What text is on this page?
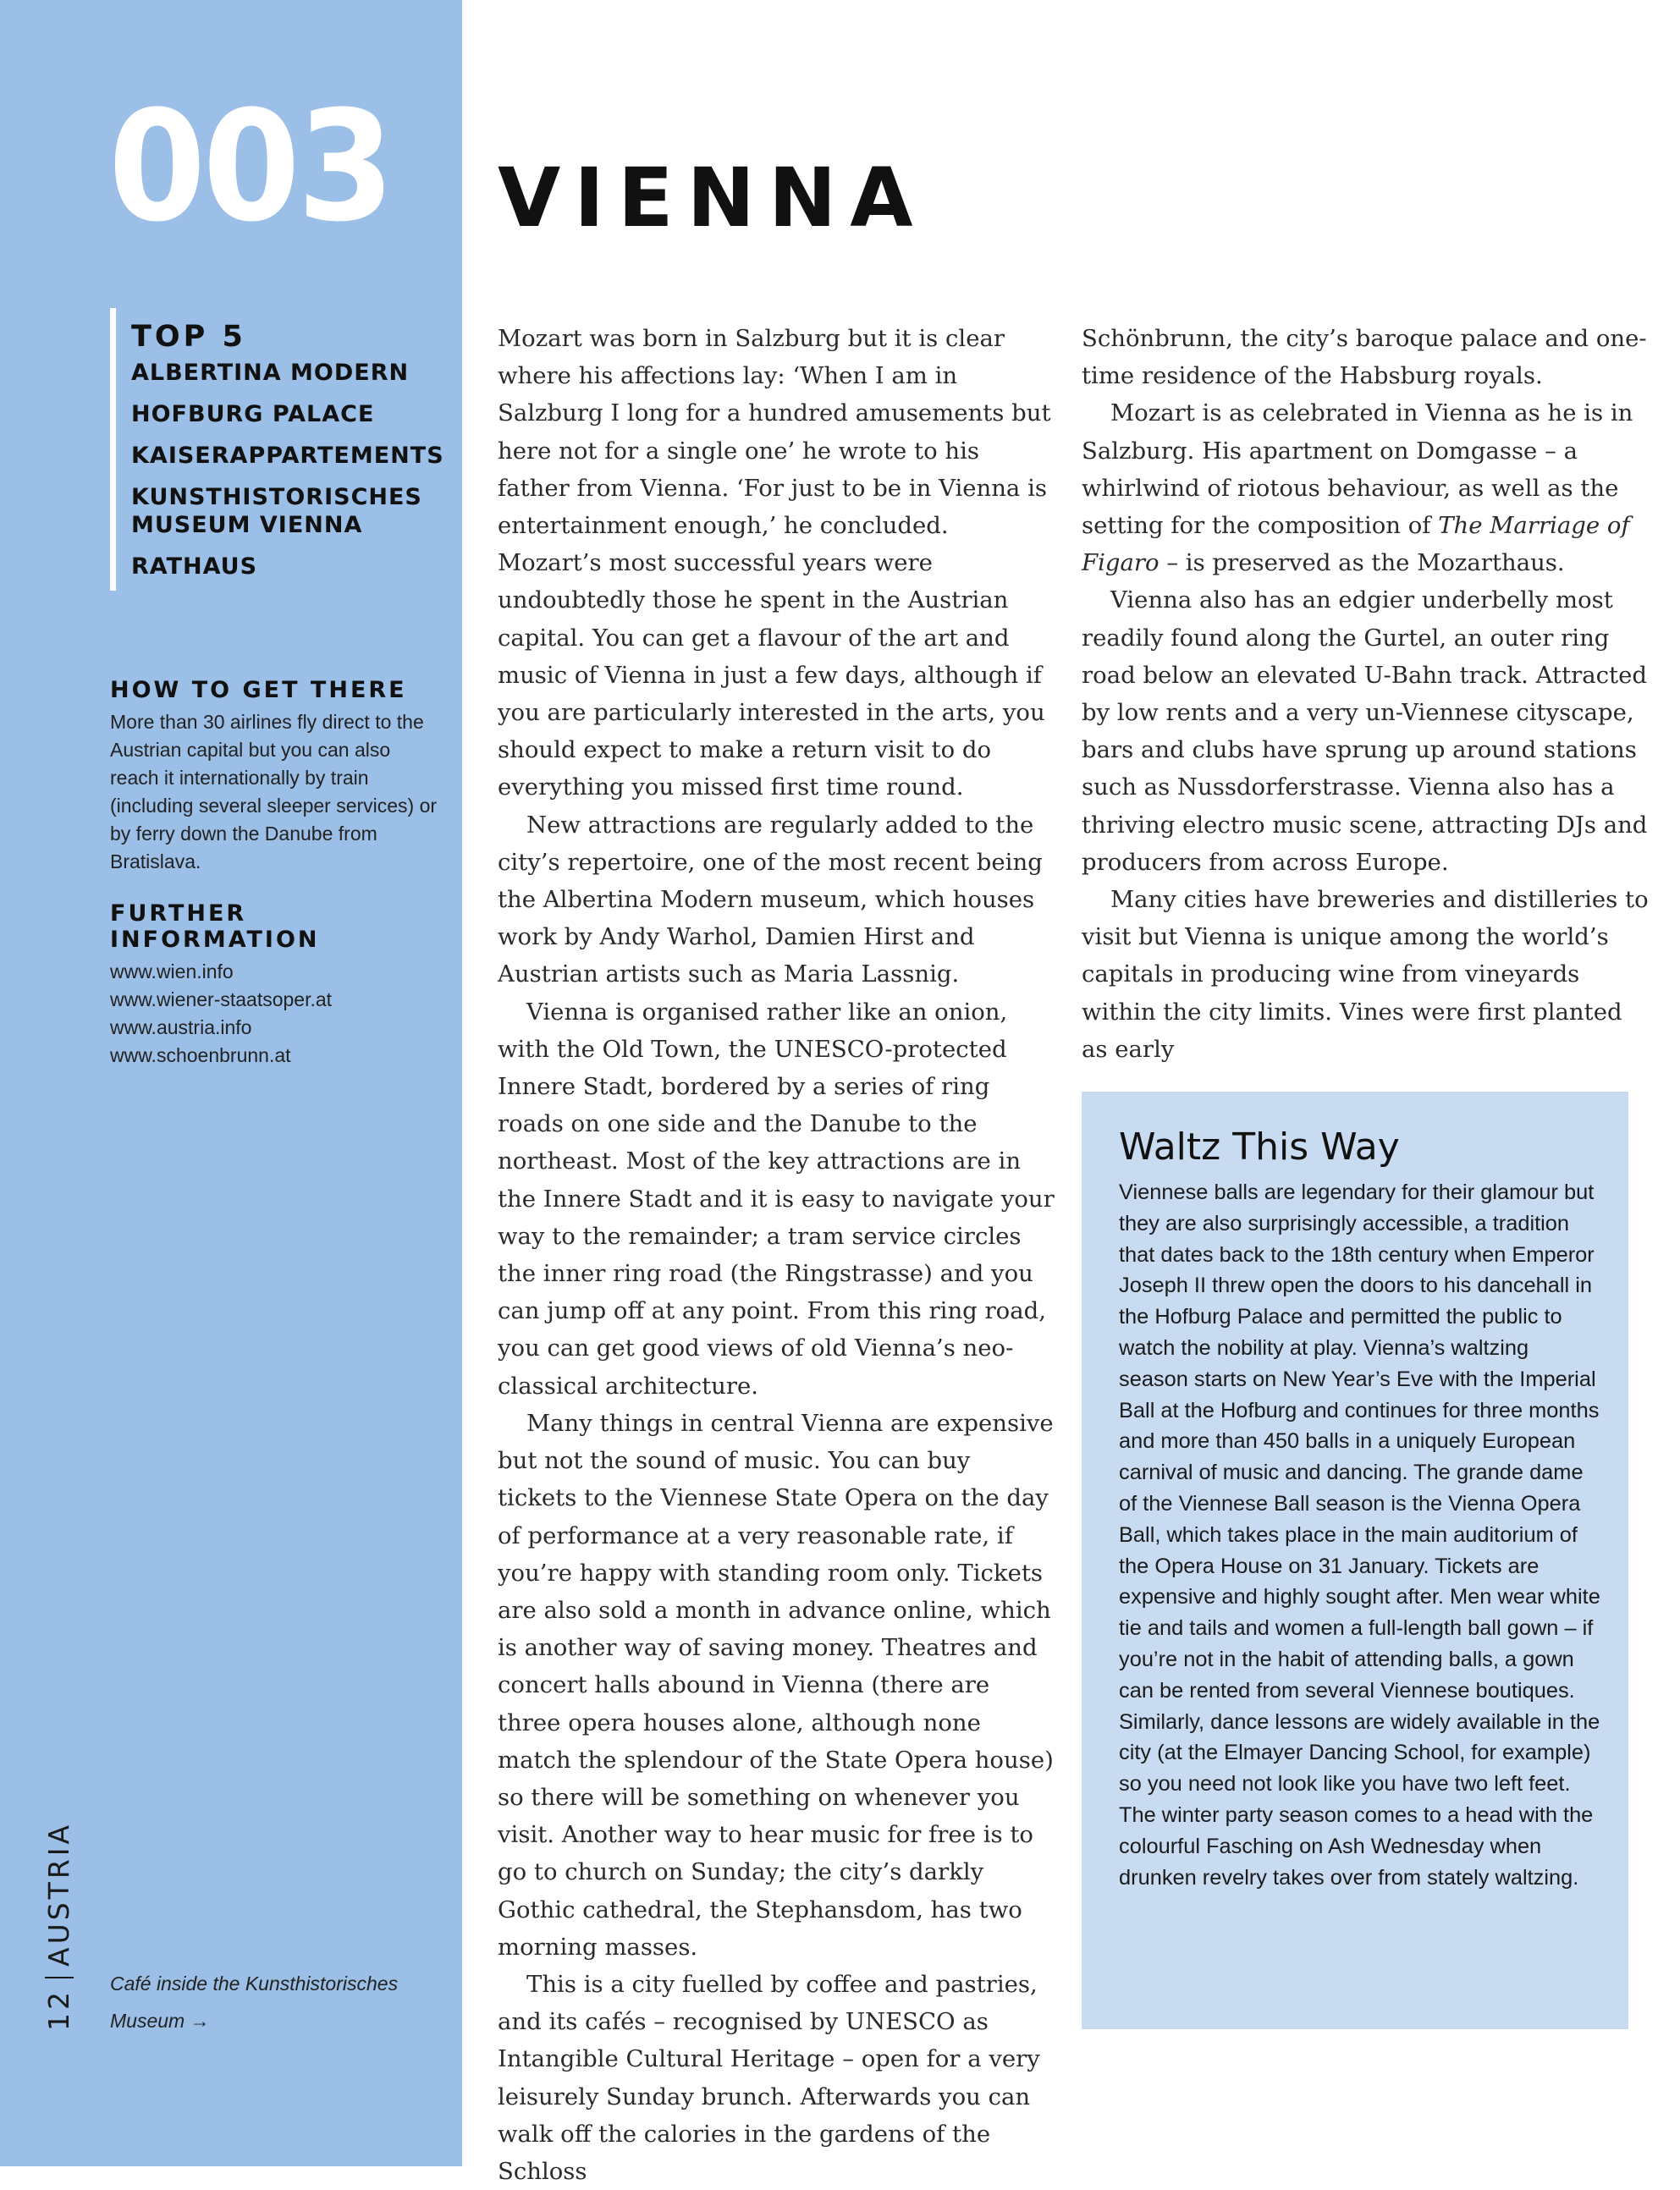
003
TOP 5
ALBERTINA MODERN
HOFBURG PALACE
KAISERAPPARTEMENTS
KUNSTHISTORISCHES MUSEUM VIENNA
RATHAUS
HOW TO GET THERE

More than 30 airlines fly direct to the Austrian capital but you can also reach it internationally by train (including several sleeper services) or by ferry down the Danube from Bratislava.

FURTHER INFORMATION
www.wien.info
www.wiener-staatsoper.at
www.austria.info
www.schoenbrunn.at
12
AUSTRIA
Café inside the Kunsthistorisches Museum →
VIENNA

Mozart was born in Salzburg but it is clear where his affections lay: ‘When I am in Salzburg I long for a hundred amusements but here not for a single one’ he wrote to his father from Vienna. ‘For just to be in Vienna is entertainment enough,’ he concluded. Mozart’s most successful years were undoubtedly those he spent in the Austrian capital. You can get a flavour of the art and music of Vienna in just a few days, although if you are particularly interested in the arts, you should expect to make a return visit to do everything you missed first time round.

New attractions are regularly added to the city’s repertoire, one of the most recent being the Albertina Modern museum, which houses work by Andy Warhol, Damien Hirst and Austrian artists such as Maria Lassnig.

Vienna is organised rather like an onion, with the Old Town, the UNESCO-protected Innere Stadt, bordered by a series of ring roads on one side and the Danube to the northeast. Most of the key attractions are in the Innere Stadt and it is easy to navigate your way to the remainder; a tram service circles the inner ring road (the Ringstrasse) and you can jump off at any point. From this ring road, you can get good views of old Vienna’s neo-classical architecture.

Many things in central Vienna are expensive but not the sound of music. You can buy tickets to the Viennese State Opera on the day of performance at a very reasonable rate, if you’re happy with standing room only. Tickets are also sold a month in advance online, which is another way of saving money. Theatres and concert halls abound in Vienna (there are three opera houses alone, although none match the splendour of the State Opera house) so there will be something on whenever you visit. Another way to hear music for free is to go to church on Sunday; the city’s darkly Gothic cathedral, the Stephansdom, has two morning masses.

This is a city fuelled by coffee and pastries, and its cafés – recognised by UNESCO as Intangible Cultural Heritage – open for a very leisurely Sunday brunch. Afterwards you can walk off the calories in the gardens of the Schloss

Schönbrunn, the city’s baroque palace and one-time residence of the Habsburg royals.

Mozart is as celebrated in Vienna as he is in Salzburg. His apartment on Domgasse – a whirlwind of riotous behaviour, as well as the setting for the composition of The Marriage of Figaro – is preserved as the Mozarthaus.

Vienna also has an edgier underbelly most readily found along the Gurtel, an outer ring road below an elevated U-Bahn track. Attracted by low rents and a very un-Viennese cityscape, bars and clubs have sprung up around stations such as Nussdorferstrasse. Vienna also has a thriving electro music scene, attracting DJs and producers from across Europe.

Many cities have breweries and distilleries to visit but Vienna is unique among the world’s capitals in producing wine from vineyards within the city limits. Vines were first planted as early

Waltz This Way

Viennese balls are legendary for their glamour but they are also surprisingly accessible, a tradition that dates back to the 18th century when Emperor Joseph II threw open the doors to his dancehall in the Hofburg Palace and permitted the public to watch the nobility at play. Vienna’s waltzing season starts on New Year’s Eve with the Imperial Ball at the Hofburg and continues for three months and more than 450 balls in a uniquely European carnival of music and dancing. The grande dame of the Viennese Ball season is the Vienna Opera Ball, which takes place in the main auditorium of the Opera House on 31 January. Tickets are expensive and highly sought after. Men wear white tie and tails and women a full-length ball gown – if you’re not in the habit of attending balls, a gown can be rented from several Viennese boutiques. Similarly, dance lessons are widely available in the city (at the Elmayer Dancing School, for example) so you need not look like you have two left feet. The winter party season comes to a head with the colourful Fasching on Ash Wednesday when drunken revelry takes over from stately waltzing.
